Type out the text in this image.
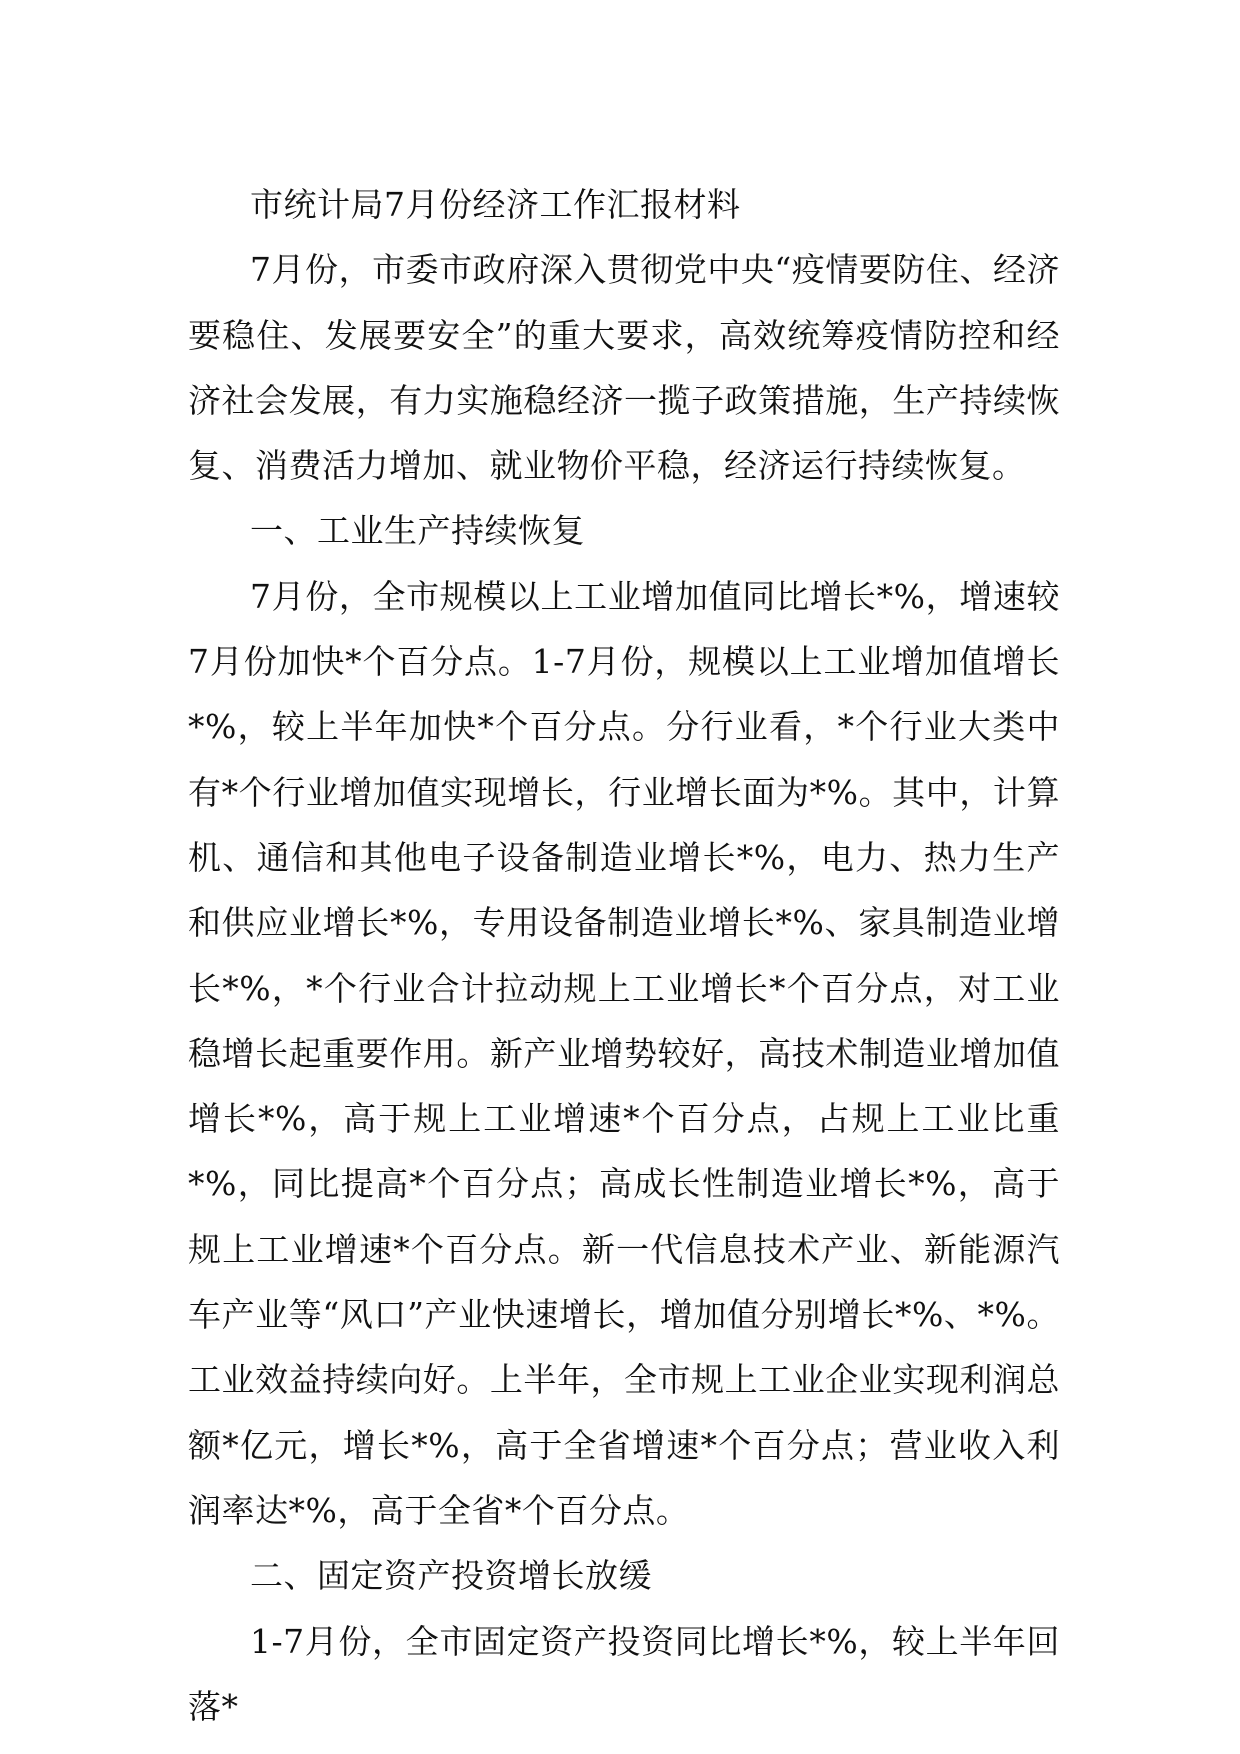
市统计局7月份经济工作汇报材料

7月份，市委市政府深入贯彻党中央“疫情要防住、经济要稳住、发展要安全”的重大要求，高效统筹疫情防控和经济社会发展，有力实施稳经济一揽子政策措施，生产持续恢复、消费活力增加、就业物价平稳，经济运行持续恢复。

一、工业生产持续恢复

7月份，全市规模以上工业增加值同比增长*%，增速较7月份加快*个百分点。1-7月份，规模以上工业增加值增长*%，较上半年加快*个百分点。分行业看，*个行业大类中有*个行业增加值实现增长，行业增长面为*%。其中，计算机、通信和其他电子设备制造业增长*%，电力、热力生产和供应业增长*%，专用设备制造业增长*%、家具制造业增长*%，*个行业合计拉动规上工业增长*个百分点，对工业稳增长起重要作用。新产业增势较好，高技术制造业增加值增长*%，高于规上工业增速*个百分点，占规上工业比重*%，同比提高*个百分点；高成长性制造业增长*%，高于规上工业增速*个百分点。新一代信息技术产业、新能源汽车产业等“风口”产业快速增长，增加值分别增长*%、*%。工业效益持续向好。上半年，全市规上工业企业实现利润总额*亿元，增长*%，高于全省增速*个百分点；营业收入利润率达*%，高于全省*个百分点。

二、固定资产投资增长放缓

1-7月份，全市固定资产投资同比增长*%，较上半年回落*
